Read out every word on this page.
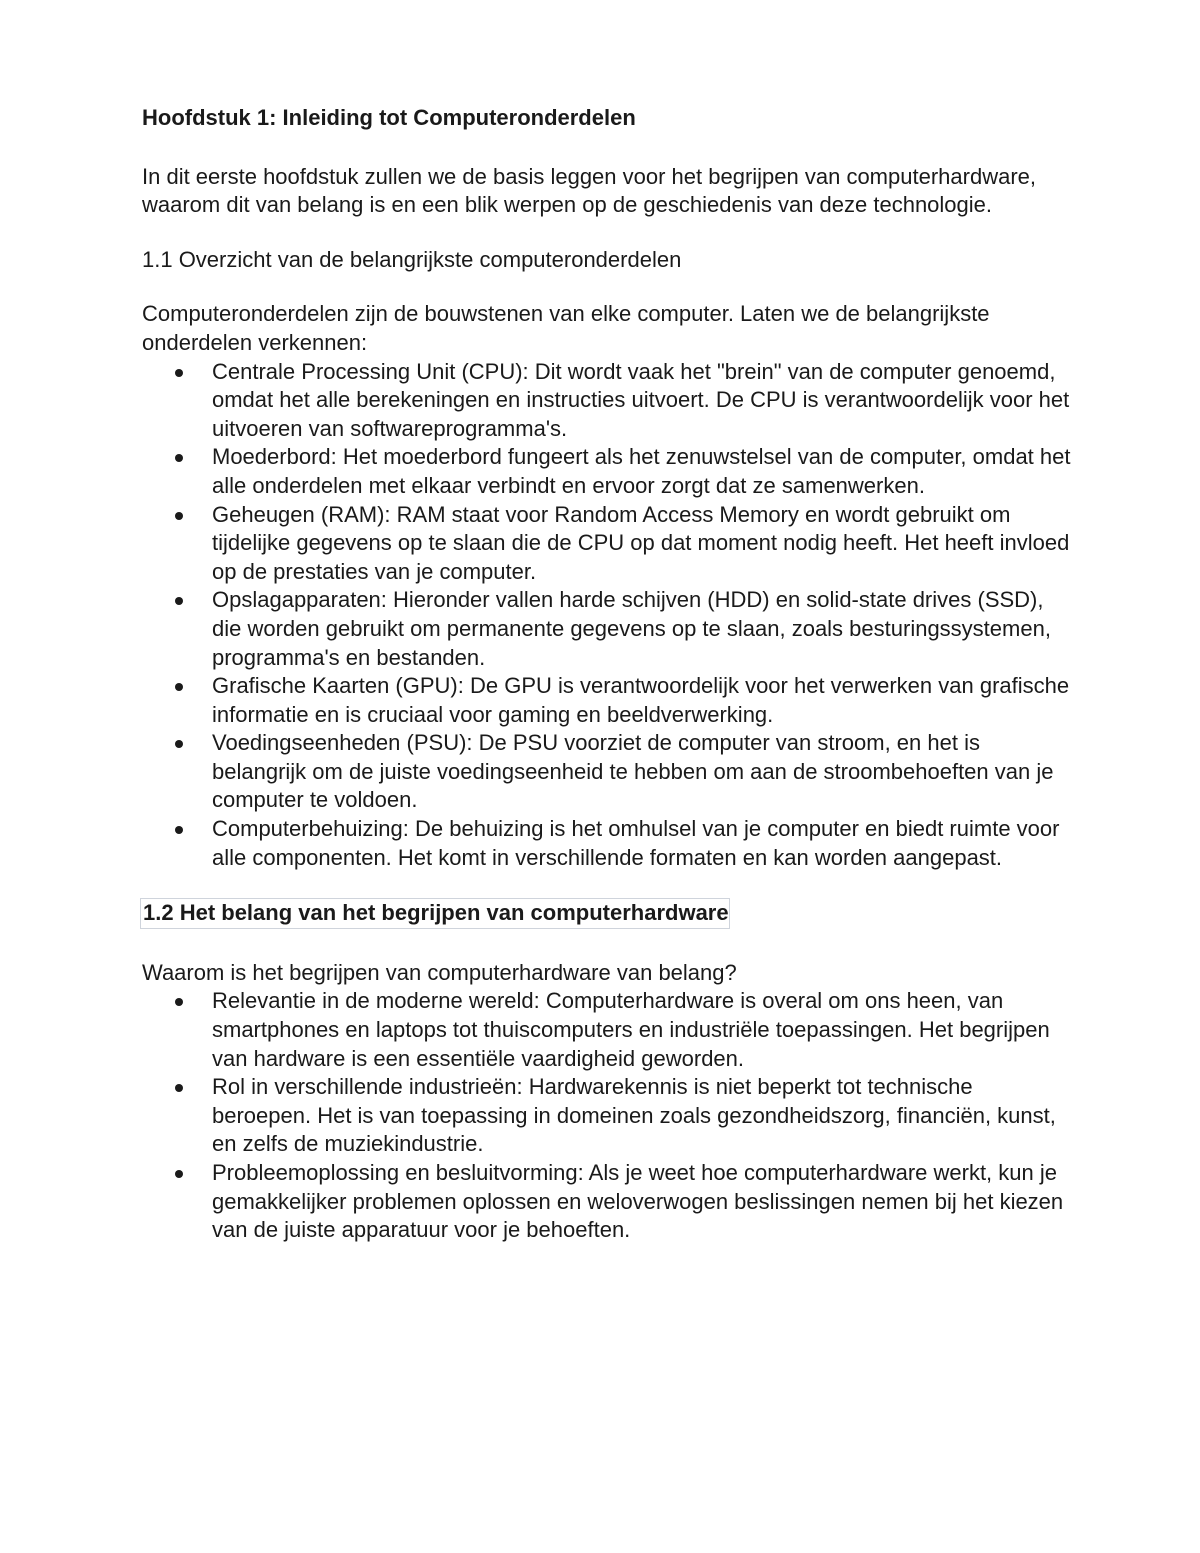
Hoofdstuk 1: Inleiding tot Computeronderdelen
In dit eerste hoofdstuk zullen we de basis leggen voor het begrijpen van computerhardware, waarom dit van belang is en een blik werpen op de geschiedenis van deze technologie.
1.1 Overzicht van de belangrijkste computeronderdelen
Computeronderdelen zijn de bouwstenen van elke computer. Laten we de belangrijkste onderdelen verkennen:
Centrale Processing Unit (CPU): Dit wordt vaak het "brein" van de computer genoemd, omdat het alle berekeningen en instructies uitvoert. De CPU is verantwoordelijk voor het uitvoeren van softwareprogramma's.
Moederbord: Het moederbord fungeert als het zenuwstelsel van de computer, omdat het alle onderdelen met elkaar verbindt en ervoor zorgt dat ze samenwerken.
Geheugen (RAM): RAM staat voor Random Access Memory en wordt gebruikt om tijdelijke gegevens op te slaan die de CPU op dat moment nodig heeft. Het heeft invloed op de prestaties van je computer.
Opslagapparaten: Hieronder vallen harde schijven (HDD) en solid-state drives (SSD), die worden gebruikt om permanente gegevens op te slaan, zoals besturingssystemen, programma's en bestanden.
Grafische Kaarten (GPU): De GPU is verantwoordelijk voor het verwerken van grafische informatie en is cruciaal voor gaming en beeldverwerking.
Voedingseenheden (PSU): De PSU voorziet de computer van stroom, en het is belangrijk om de juiste voedingseenheid te hebben om aan de stroombehoeften van je computer te voldoen.
Computerbehuizing: De behuizing is het omhulsel van je computer en biedt ruimte voor alle componenten. Het komt in verschillende formaten en kan worden aangepast.
1.2 Het belang van het begrijpen van computerhardware
Waarom is het begrijpen van computerhardware van belang?
Relevantie in de moderne wereld: Computerhardware is overal om ons heen, van smartphones en laptops tot thuiscomputers en industriële toepassingen. Het begrijpen van hardware is een essentiële vaardigheid geworden.
Rol in verschillende industrieën: Hardwarekennis is niet beperkt tot technische beroepen. Het is van toepassing in domeinen zoals gezondheidszorg, financiën, kunst, en zelfs de muziekindustrie.
Probleemoplossing en besluitvorming: Als je weet hoe computerhardware werkt, kun je gemakkelijker problemen oplossen en weloverwogen beslissingen nemen bij het kiezen van de juiste apparatuur voor je behoeften.
